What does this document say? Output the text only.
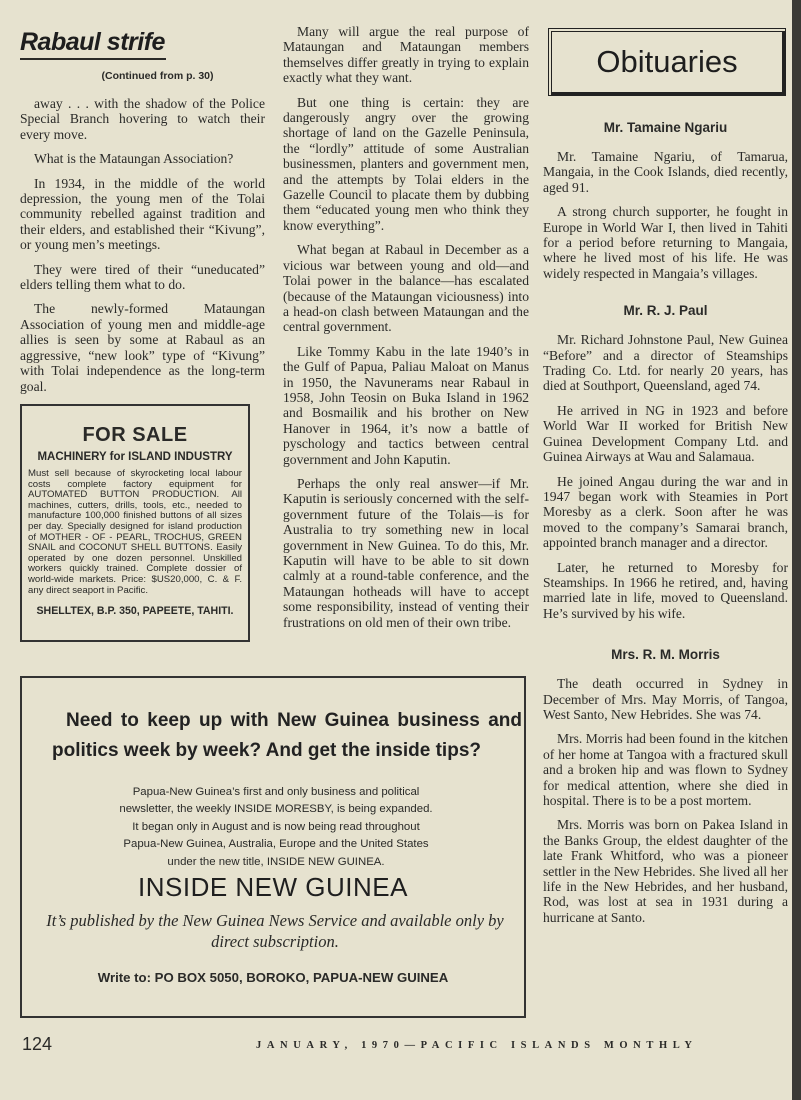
Rabaul strife
(Continued from p. 30)

away . . . with the shadow of the Police Special Branch hovering to watch their every move.

What is the Mataungan Association?

In 1934, in the middle of the world depression, the young men of the Tolai community rebelled against tradition and their elders, and established their “Kivung”, or young men’s meetings.

They were tired of their “uneducated” elders telling them what to do.

The newly-formed Mataungan Association of young men and middle-age allies is seen by some at Rabaul as an aggressive, “new look” type of “Kivung” with Tolai independence as the long-term goal.

FOR SALE
MACHINERY for ISLAND INDUSTRY

Must sell because of skyrocketing local labour costs complete factory equipment for AUTOMATED BUTTON PRODUCTION. All machines, cutters, drills, tools, etc., needed to manufacture 100,000 finished buttons of all sizes per day. Specially designed for island production of MOTHER - OF - PEARL, TROCHUS, GREEN SNAIL and COCONUT SHELL BUTTONS. Easily operated by one dozen personnel. Unskilled workers quickly trained. Complete dossier of world-wide markets. Price: $US20,000, C. & F. any direct seaport in Pacific.

SHELLTEX, B.P. 350, PAPEETE, TAHITI.

Many will argue the real purpose of Mataungan and Mataungan members themselves differ greatly in trying to explain exactly what they want.

But one thing is certain: they are dangerously angry over the growing shortage of land on the Gazelle Peninsula, the “lordly” attitude of some Australian businessmen, planters and government men, and the attempts by Tolai elders in the Gazelle Council to placate them by dubbing them “educated young men who think they know everything”.

What began at Rabaul in December as a vicious war between young and old—and Tolai power in the balance—has escalated (because of the Mataungan viciousness) into a head-on clash between Mataungan and the central government.

Like Tommy Kabu in the late 1940’s in the Gulf of Papua, Paliau Maloat on Manus in 1950, the Navunerams near Rabaul in 1958, John Teosin on Buka Island in 1962 and Bosmailik and his brother on New Hanover in 1964, it’s now a battle of pyschology and tactics between central government and John Kaputin.

Perhaps the only real answer—if Mr. Kaputin is seriously concerned with the self-government future of the Tolais—is for Australia to try something new in local government in New Guinea. To do this, Mr. Kaputin will have to be able to sit down calmly at a round-table conference, and the Mataungan hotheads will have to accept some responsibility, instead of venting their frustrations on old men of their own tribe.

Obituaries
Mr. Tamaine Ngariu

Mr. Tamaine Ngariu, of Tamarua, Mangaia, in the Cook Islands, died recently, aged 91.

A strong church supporter, he fought in Europe in World War I, then lived in Tahiti for a period before returning to Mangaia, where he lived most of his life. He was widely respected in Mangaia’s villages.

Mr. R. J. Paul

Mr. Richard Johnstone Paul, New Guinea “Before” and a director of Steamships Trading Co. Ltd. for nearly 20 years, has died at Southport, Queensland, aged 74.

He arrived in NG in 1923 and before World War II worked for British New Guinea Development Company Ltd. and Guinea Airways at Wau and Salamaua.

He joined Angau during the war and in 1947 began work with Steamies in Port Moresby as a clerk. Soon after he was moved to the company’s Samarai branch, appointed branch manager and a director.

Later, he returned to Moresby for Steamships. In 1966 he retired, and, having married late in life, moved to Queensland. He’s survived by his wife.

Mrs. R. M. Morris

The death occurred in Sydney in December of Mrs. May Morris, of Tangoa, West Santo, New Hebrides. She was 74.

Mrs. Morris had been found in the kitchen of her home at Tangoa with a fractured skull and a broken hip and was flown to Sydney for medical attention, where she died in hospital. There is to be a post mortem.

Mrs. Morris was born on Pakea Island in the Banks Group, the eldest daughter of the late Frank Whitford, who was a pioneer settler in the New Hebrides. She lived all her life in the New Hebrides, and her husband, Rod, was lost at sea in 1931 during a hurricane at Santo.

Need to keep up with New Guinea business and politics week by week? And get the inside tips?

Papua-New Guinea’s first and only business and political newsletter, the weekly INSIDE MORESBY, is being expanded. It began only in August and is now being read throughout Papua-New Guinea, Australia, Europe and the United States under the new title, INSIDE NEW GUINEA.

INSIDE NEW GUINEA

It’s published by the New Guinea News Service and available only by direct subscription.

Write to: PO BOX 5050, BOROKO, PAPUA-NEW GUINEA
124	JANUARY, 1970—PACIFIC ISLANDS MONTHLY
